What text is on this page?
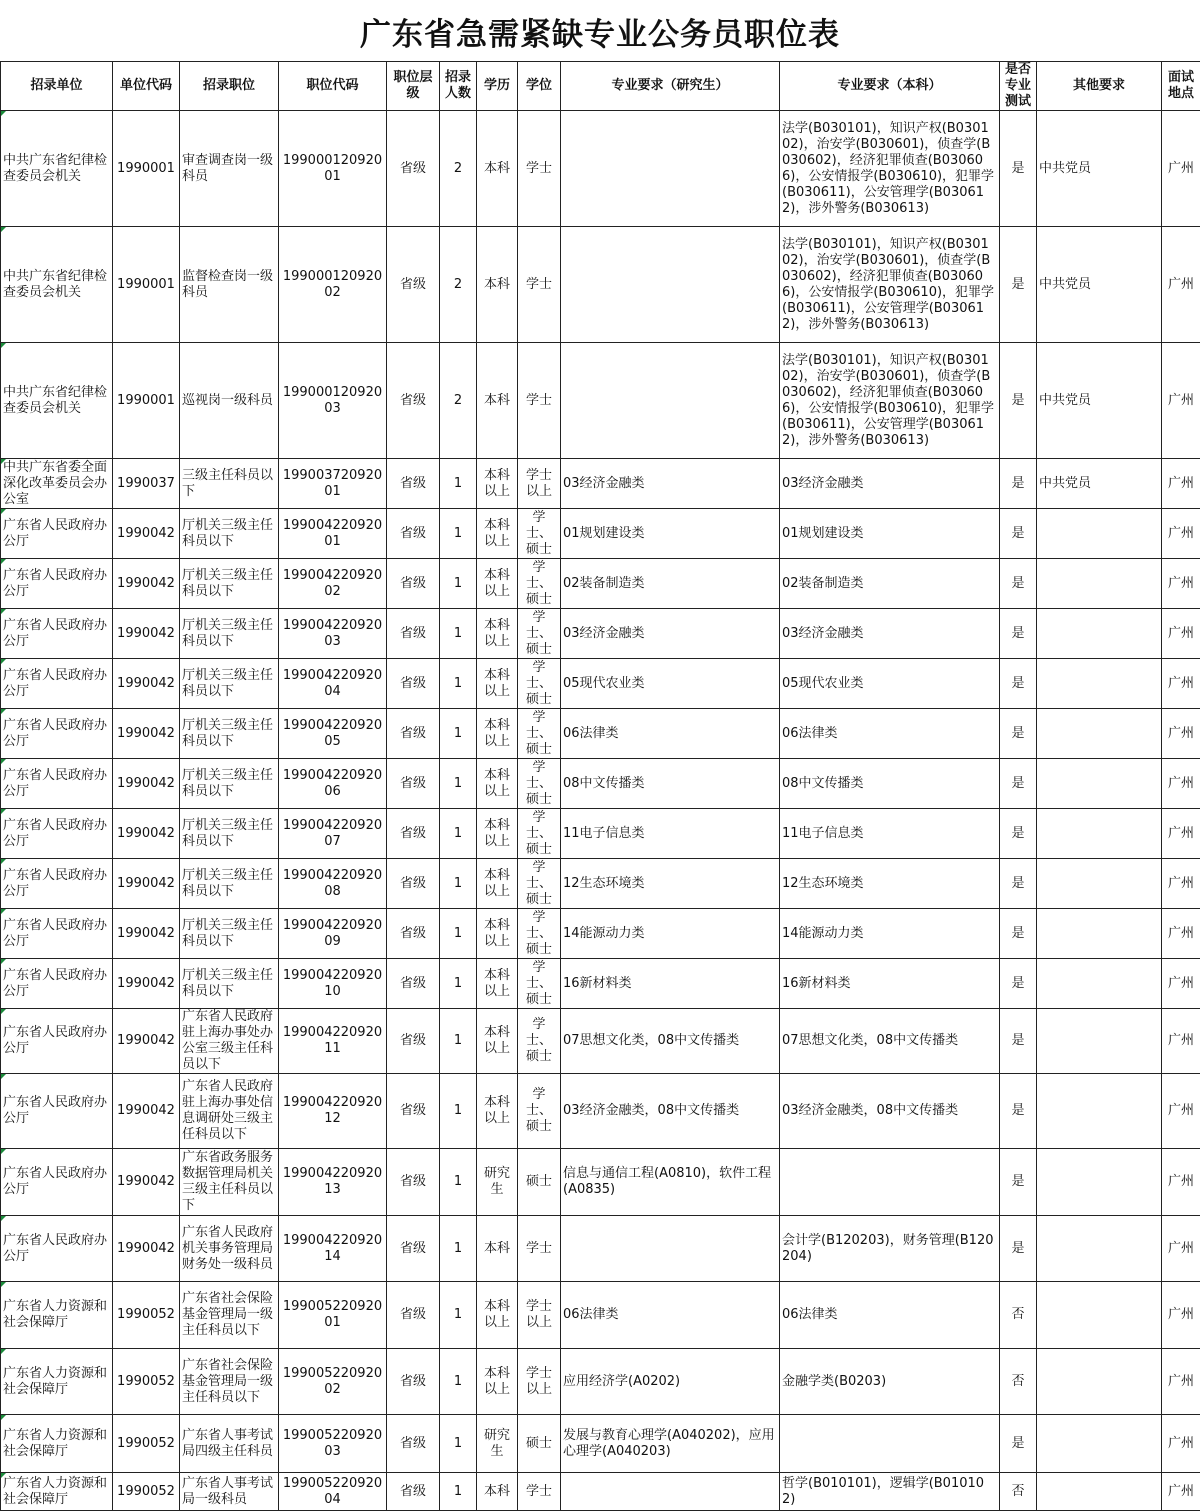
广东省急需紧缺专业公务员职位表
招录单位	单位代码	招录职位	职位代码	职位层级	招录人数	学历	学位	专业要求（研究生）	专业要求（本科）	是否专业测试	其他要求	面试地点
中共广东省纪律检查委员会机关	1990001	审查调查岗一级科员	19900012092001	省级	2	本科	学士		法学(B030101)，知识产权(B030102)，治安学(B030601)，侦查学(B030602)，经济犯罪侦查(B030606)，公安情报学(B030610)，犯罪学(B030611)，公安管理学(B030612)，涉外警务(B030613)	是	中共党员	广州
中共广东省纪律检查委员会机关	1990001	监督检查岗一级科员	19900012092002	省级	2	本科	学士		法学(B030101)，知识产权(B030102)，治安学(B030601)，侦查学(B030602)，经济犯罪侦查(B030606)，公安情报学(B030610)，犯罪学(B030611)，公安管理学(B030612)，涉外警务(B030613)	是	中共党员	广州
中共广东省纪律检查委员会机关	1990001	巡视岗一级科员	19900012092003	省级	2	本科	学士		法学(B030101)，知识产权(B030102)，治安学(B030601)，侦查学(B030602)，经济犯罪侦查(B030606)，公安情报学(B030610)，犯罪学(B030611)，公安管理学(B030612)，涉外警务(B030613)	是	中共党员	广州
中共广东省委全面深化改革委员会办公室	1990037	三级主任科员以下	19900372092001	省级	1	本科以上	学士以上	03经济金融类	03经济金融类	是	中共党员	广州
广东省人民政府办公厅	1990042	厅机关三级主任科员以下	19900422092001	省级	1	本科以上	学士、硕士	01规划建设类	01规划建设类	是		广州
广东省人民政府办公厅	1990042	厅机关三级主任科员以下	19900422092002	省级	1	本科以上	学士、硕士	02装备制造类	02装备制造类	是		广州
广东省人民政府办公厅	1990042	厅机关三级主任科员以下	19900422092003	省级	1	本科以上	学士、硕士	03经济金融类	03经济金融类	是		广州
广东省人民政府办公厅	1990042	厅机关三级主任科员以下	19900422092004	省级	1	本科以上	学士、硕士	05现代农业类	05现代农业类	是		广州
广东省人民政府办公厅	1990042	厅机关三级主任科员以下	19900422092005	省级	1	本科以上	学士、硕士	06法律类	06法律类	是		广州
广东省人民政府办公厅	1990042	厅机关三级主任科员以下	19900422092006	省级	1	本科以上	学士、硕士	08中文传播类	08中文传播类	是		广州
广东省人民政府办公厅	1990042	厅机关三级主任科员以下	19900422092007	省级	1	本科以上	学士、硕士	11电子信息类	11电子信息类	是		广州
广东省人民政府办公厅	1990042	厅机关三级主任科员以下	19900422092008	省级	1	本科以上	学士、硕士	12生态环境类	12生态环境类	是		广州
广东省人民政府办公厅	1990042	厅机关三级主任科员以下	19900422092009	省级	1	本科以上	学士、硕士	14能源动力类	14能源动力类	是		广州
广东省人民政府办公厅	1990042	厅机关三级主任科员以下	19900422092010	省级	1	本科以上	学士、硕士	16新材料类	16新材料类	是		广州
广东省人民政府办公厅	1990042	广东省人民政府驻上海办事处办公室三级主任科员以下	19900422092011	省级	1	本科以上	学士、硕士	07思想文化类，08中文传播类	07思想文化类，08中文传播类	是		广州
广东省人民政府办公厅	1990042	广东省人民政府驻上海办事处信息调研处三级主任科员以下	19900422092012	省级	1	本科以上	学士、硕士	03经济金融类，08中文传播类	03经济金融类，08中文传播类	是		广州
广东省人民政府办公厅	1990042	广东省政务服务数据管理局机关三级主任科员以下	19900422092013	省级	1	研究生	硕士	信息与通信工程(A0810)，软件工程(A0835)		是		广州
广东省人民政府办公厅	1990042	广东省人民政府机关事务管理局财务处一级科员	19900422092014	省级	1	本科	学士		会计学(B120203)，财务管理(B120204)	是		广州
广东省人力资源和社会保障厅	1990052	广东省社会保险基金管理局一级主任科员以下	19900522092001	省级	1	本科以上	学士以上	06法律类	06法律类	否		广州
广东省人力资源和社会保障厅	1990052	广东省社会保险基金管理局一级主任科员以下	19900522092002	省级	1	本科以上	学士以上	应用经济学(A0202)	金融学类(B0203)	否		广州
广东省人力资源和社会保障厅	1990052	广东省人事考试局四级主任科员	19900522092003	省级	1	研究生	硕士	发展与教育心理学(A040202)，应用心理学(A040203)		是		广州
广东省人力资源和社会保障厅	1990052	广东省人事考试局一级科员	19900522092004	省级	1	本科	学士		哲学(B010101)，逻辑学(B010102)	否		广州
